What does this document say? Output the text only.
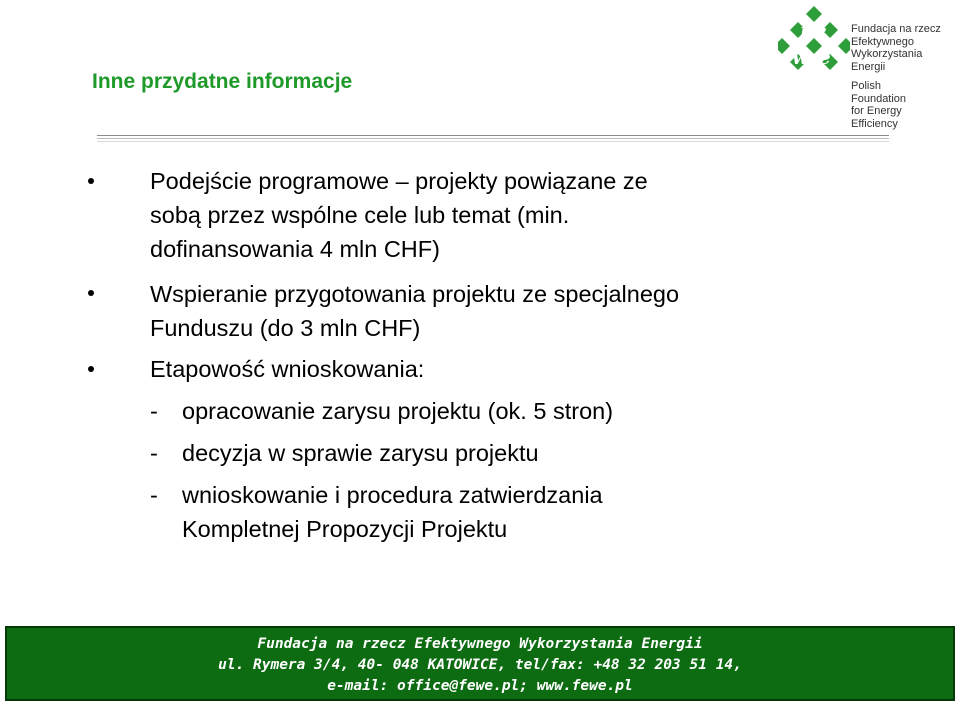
Inne przydatne informacje
f e
w e
Fundacja na rzecz
Efektywnego
Wykorzystania
Energii
Polish
Foundation
for Energy
Efficiency
Podejście programowe – projekty powiązane ze
sobą przez wspólne cele lub temat (min.
dofinansowania 4 mln CHF)
Wspieranie przygotowania projektu ze specjalnego
Funduszu (do 3 mln CHF)
Etapowość wnioskowania:
- opracowanie zarysu projektu (ok. 5 stron)
- decyzja w sprawie zarysu projektu
- wnioskowanie i procedura zatwierdzania
Kompletnej Propozycji Projektu
Fundacja na rzecz Efektywnego Wykorzystania Energii
ul. Rymera 3/4, 40- 048 KATOWICE, tel/fax: +48 32 203 51 14,
e-mail: office@fewe.pl; www.fewe.pl
